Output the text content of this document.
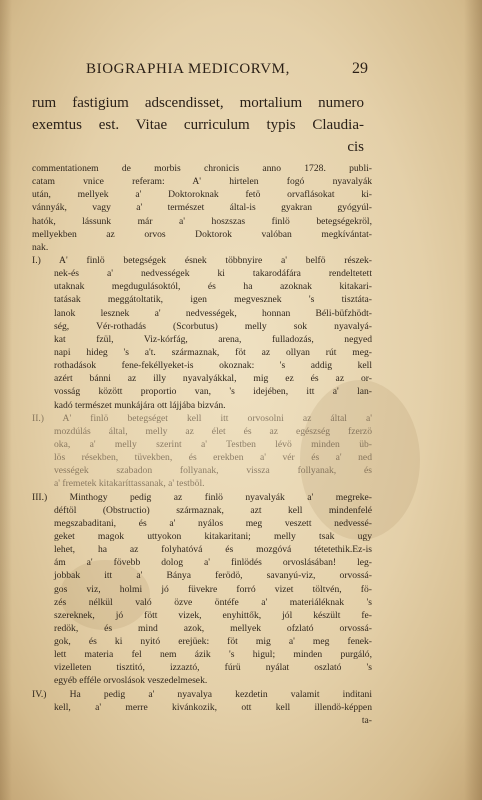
BIOGRAPHIA MEDICORVM,	29
rum fastigium adscendisset, mortalium numero
exemtus est. Vitae curriculum typis Claudia-
cis
commentationem de morbis chronicis anno 1728. publi-
catam vnice referam: A' hirtelen fogó nyavalyák
után, mellyek a' Doktoroknak fetö orvaflásokat ki-
vánnyák, vagy a' természet által-is gyakran gyógyúl-
hatók, lássunk már a' hoszszas finlö betegségekröl,
mellyekben az orvos Doktorok valóban megkívántat-
nak.
I.) A' finlö betegségek ésnek többnyire a' belfö részek-
nek-és a' nedvességek ki takarodáfára rendeltetett
utaknak megdugulásoktól, és ha azoknak kitakari-
tatásak meggátoltatik, igen megvesznek 's tisztáta-
lanok lesznek a' nedvességek, honnan Béli-büfzhödt-
ség, Vér-rothadás (Scorbutus) melly sok nyavalyá-
kat fzül, Viz-kórfág, arena, fulladozás, negyed
napi hideg 's a't. származnak, föt az ollyan rút meg-
rothadások fene-fekéllyeket-is okoznak: 's addig kell
azért bánni az illy nyavalyákkal, mig ez és az or-
vosság között proportio van, 's idejében, itt a' lan-
kadó természet munkájára ott lájjába bizván.
II.) A' finlö betegséget kell itt orvosolni az által a'
mozdúlás által, melly az élet és az egészség fzerzö
oka, a' melly szerint a' Testben lévö minden üb-
lös résekben, tüvekben, és erekben a' vér és a' ned
vességek szabadon follyanak, vissza follyanak, és
a' fremetek kitakaríttassanak, a' testböl.
III.) Minthogy pedig az finlö nyavalyák a' megreke-
déftöl (Obstructio) származnak, azt kell mindenfelé
megszabaditani, és a' nyálos meg veszett nedvessé-
geket magok uttyokon kitakaritani; melly tsak ugy
lehet, ha az folyhatóvá és mozgóvá tétetethik.Ez-is
ám a' fövebb dolog a' finlödés orvoslásában! leg-
jobbak itt a' Bánya ferödö, savanyú-viz, orvossá-
gos viz, holmi jó füvekre forró vizet töltvén, fö-
zés nélkül való özve öntéfe a' materiáléknak 's
szereknek, jó fött vizek, enyhittők, jól készült fe-
redök, és mind azok, mellyek ofzlató orvossá-
gok, és ki nyitó erejüek: föt mig a' meg fenek-
lett materia fel nem ázik 's higul; minden purgáló,
vizelleten tisztitó, izzaztó, fúrü nyálat oszlató 's
egyéb efféle orvoslások veszedelmesek.
IV.) Ha pedig a' nyavalya kezdetin valamit inditani
kell, a' merre kivánkozik, ott kell illendö-képpen
ta-
